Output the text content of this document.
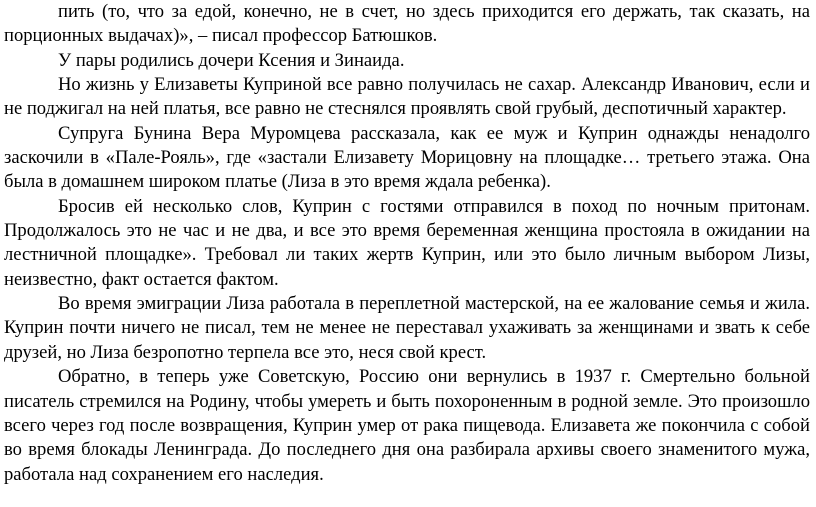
пить (то, что за едой, конечно, не в счет, но здесь приходится его держать, так сказать, на порционных выдачах)», – писал профессор Батюшков.

У пары родились дочери Ксения и Зинаида.

Но жизнь у Елизаветы Куприной все равно получилась не сахар. Александр Иванович, если и не поджигал на ней платья, все равно не стеснялся проявлять свой грубый, деспотичный характер.

Супруга Бунина Вера Муромцева рассказала, как ее муж и Куприн однажды ненадолго заскочили в «Пале-Рояль», где «застали Елизавету Морицовну на площадке… третьего этажа. Она была в домашнем широком платье (Лиза в это время ждала ребенка).

Бросив ей несколько слов, Куприн с гостями отправился в поход по ночным притонам. Продолжалось это не час и не два, и все это время беременная женщина простояла в ожидании на лестничной площадке». Требовал ли таких жертв Куприн, или это было личным выбором Лизы, неизвестно, факт остается фактом.

Во время эмиграции Лиза работала в переплетной мастерской, на ее жалование семья и жила. Куприн почти ничего не писал, тем не менее не переставал ухаживать за женщинами и звать к себе друзей, но Лиза безропотно терпела все это, неся свой крест.

Обратно, в теперь уже Советскую, Россию они вернулись в 1937 г. Смертельно больной писатель стремился на Родину, чтобы умереть и быть похороненным в родной земле. Это произошло всего через год после возвращения, Куприн умер от рака пищевода. Елизавета же покончила с собой во время блокады Ленинграда. До последнего дня она разбирала архивы своего знаменитого мужа, работала над сохранением его наследия.
